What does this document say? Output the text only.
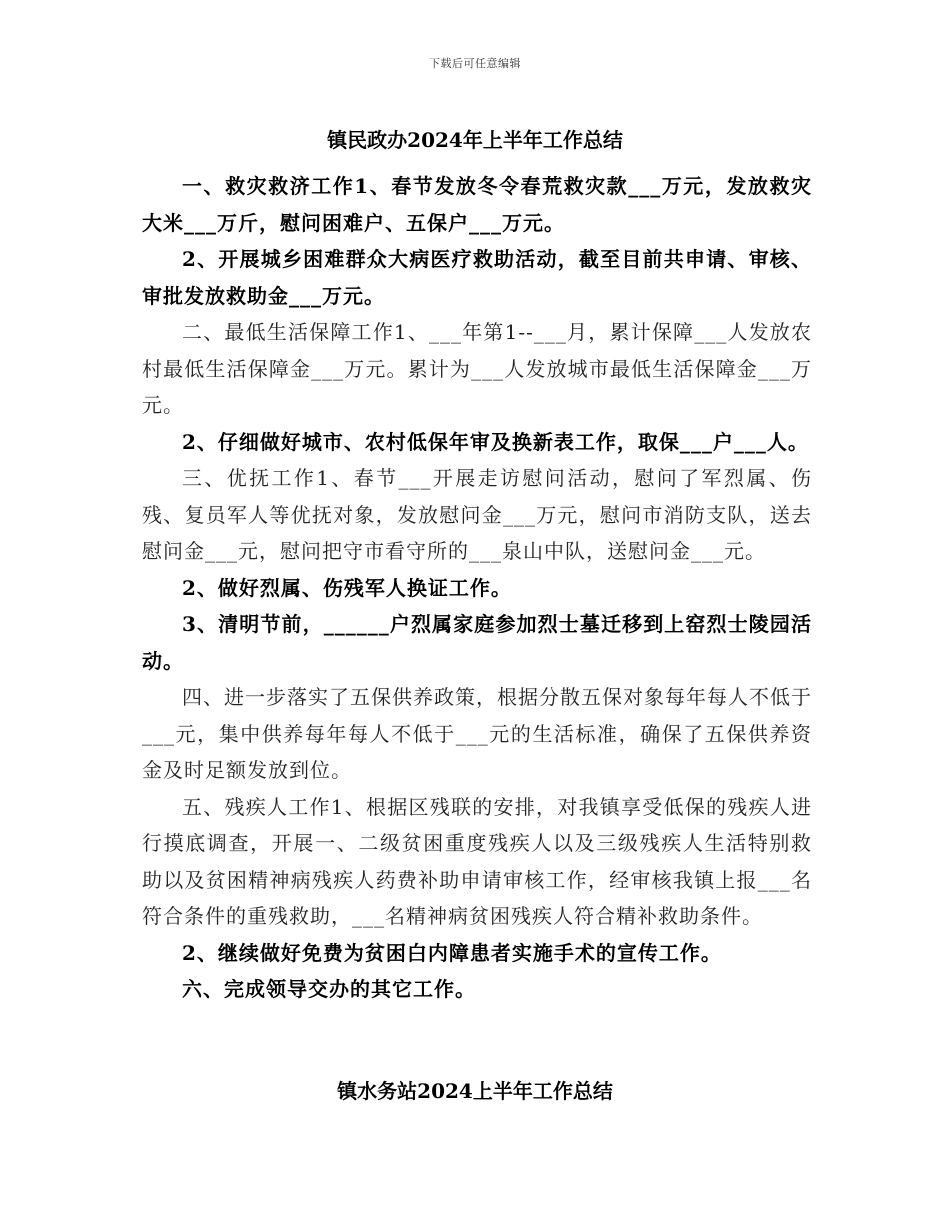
下载后可任意编辑
镇民政办2024年上半年工作总结

一、救灾救济工作1、春节发放冬令春荒救灾款___万元，发放救灾大米___万斤，慰问困难户、五保户___万元。

2、开展城乡困难群众大病医疗救助活动，截至目前共申请、审核、审批发放救助金___万元。

二、最低生活保障工作1、___年第1--___月，累计保障___人发放农村最低生活保障金___万元。累计为___人发放城市最低生活保障金___万元。

2、仔细做好城市、农村低保年审及换新表工作，取保___户___人。

三、优抚工作1、春节___开展走访慰问活动，慰问了军烈属、伤残、复员军人等优抚对象，发放慰问金___万元，慰问市消防支队，送去慰问金___元，慰问把守市看守所的___泉山中队，送慰问金___元。

2、做好烈属、伤残军人换证工作。

3、清明节前，______户烈属家庭参加烈士墓迁移到上窑烈士陵园活动。

四、进一步落实了五保供养政策，根据分散五保对象每年每人不低于___元，集中供养每年每人不低于___元的生活标准，确保了五保供养资金及时足额发放到位。

五、残疾人工作1、根据区残联的安排，对我镇享受低保的残疾人进行摸底调查，开展一、二级贫困重度残疾人以及三级残疾人生活特别救助以及贫困精神病残疾人药费补助申请审核工作，经审核我镇上报___名符合条件的重残救助，___名精神病贫困残疾人符合精补救助条件。

2、继续做好免费为贫困白内障患者实施手术的宣传工作。

六、完成领导交办的其它工作。

镇水务站2024上半年工作总结
